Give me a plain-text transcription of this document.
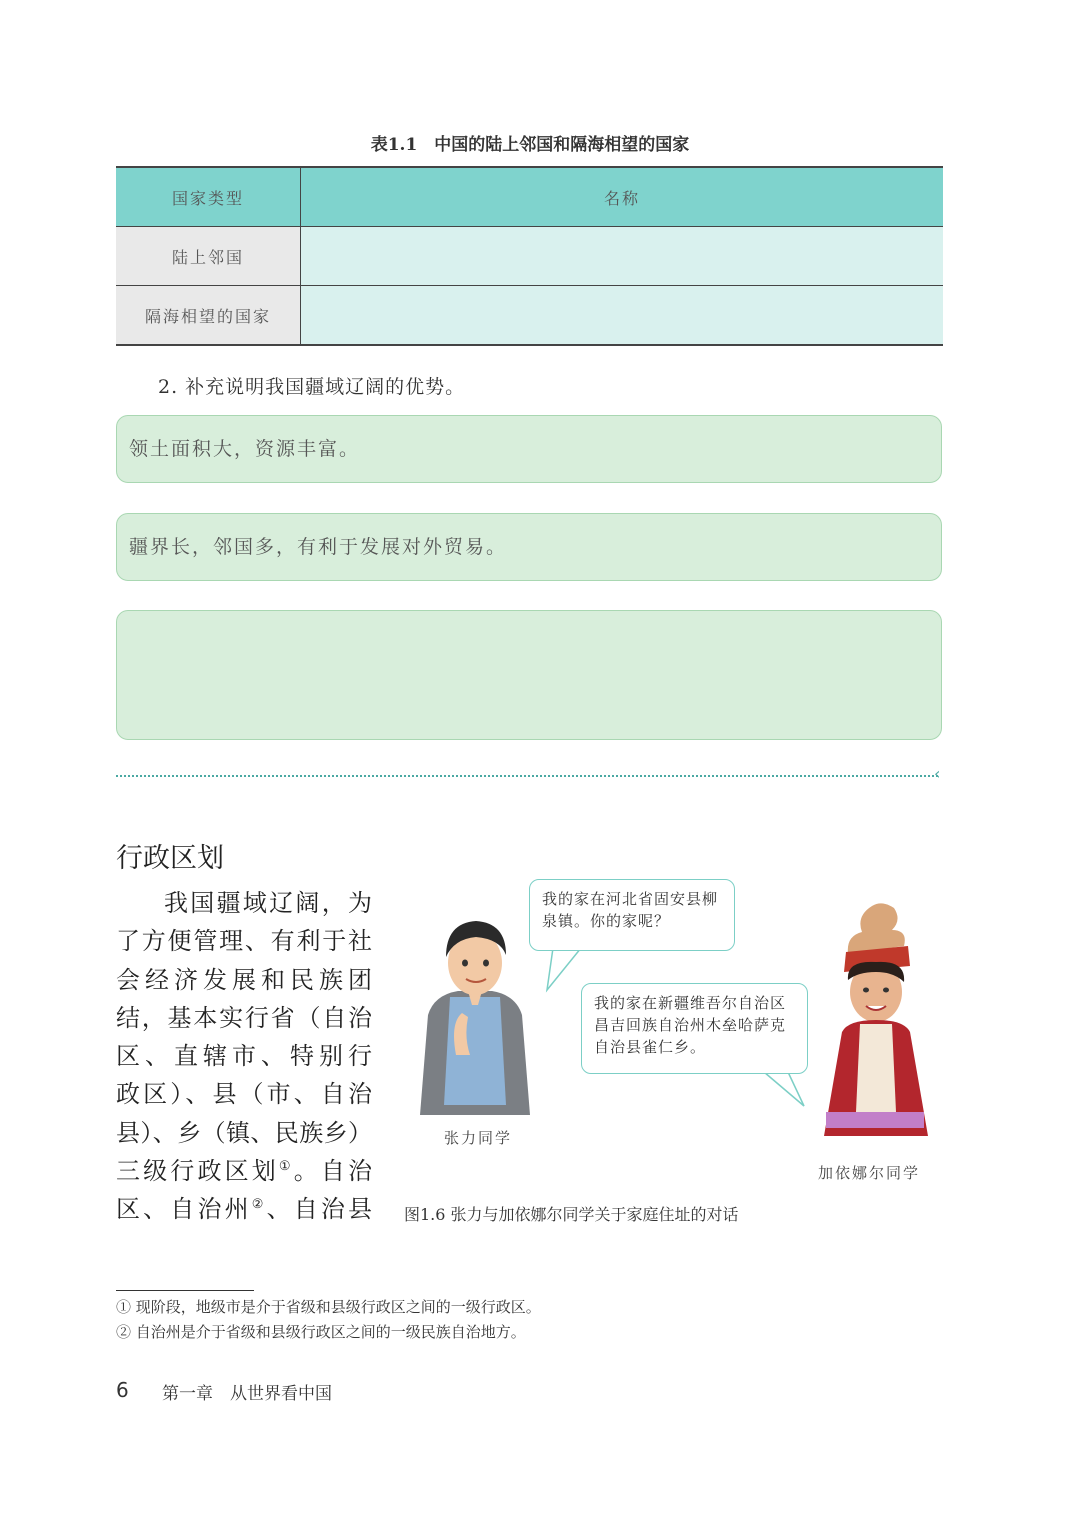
表1.1　中国的陆上邻国和隔海相望的国家
国家类型	名称
陆上邻国	
隔海相望的国家	
2. 补充说明我国疆域辽阔的优势。
领土面积大，资源丰富。
疆界长，邻国多，有利于发展对外贸易。
‹
行政区划
我国疆域辽阔，为
了方便管理、有利于社
会经济发展和民族团
结，基本实行省（自治
区、直辖市、特别行
政区）、县（市、自治
县）、乡（镇、民族乡）
三级行政区划①。自治
区、自治州②、自治县
我的家在河北省固安县柳泉镇。你的家呢？
我的家在新疆维吾尔自治区昌吉回族自治州木垒哈萨克自治县雀仁乡。
张力同学
加依娜尔同学
图1.6 张力与加依娜尔同学关于家庭住址的对话
① 现阶段，地级市是介于省级和县级行政区之间的一级行政区。
② 自治州是介于省级和县级行政区之间的一级民族自治地方。
6 第一章　从世界看中国
